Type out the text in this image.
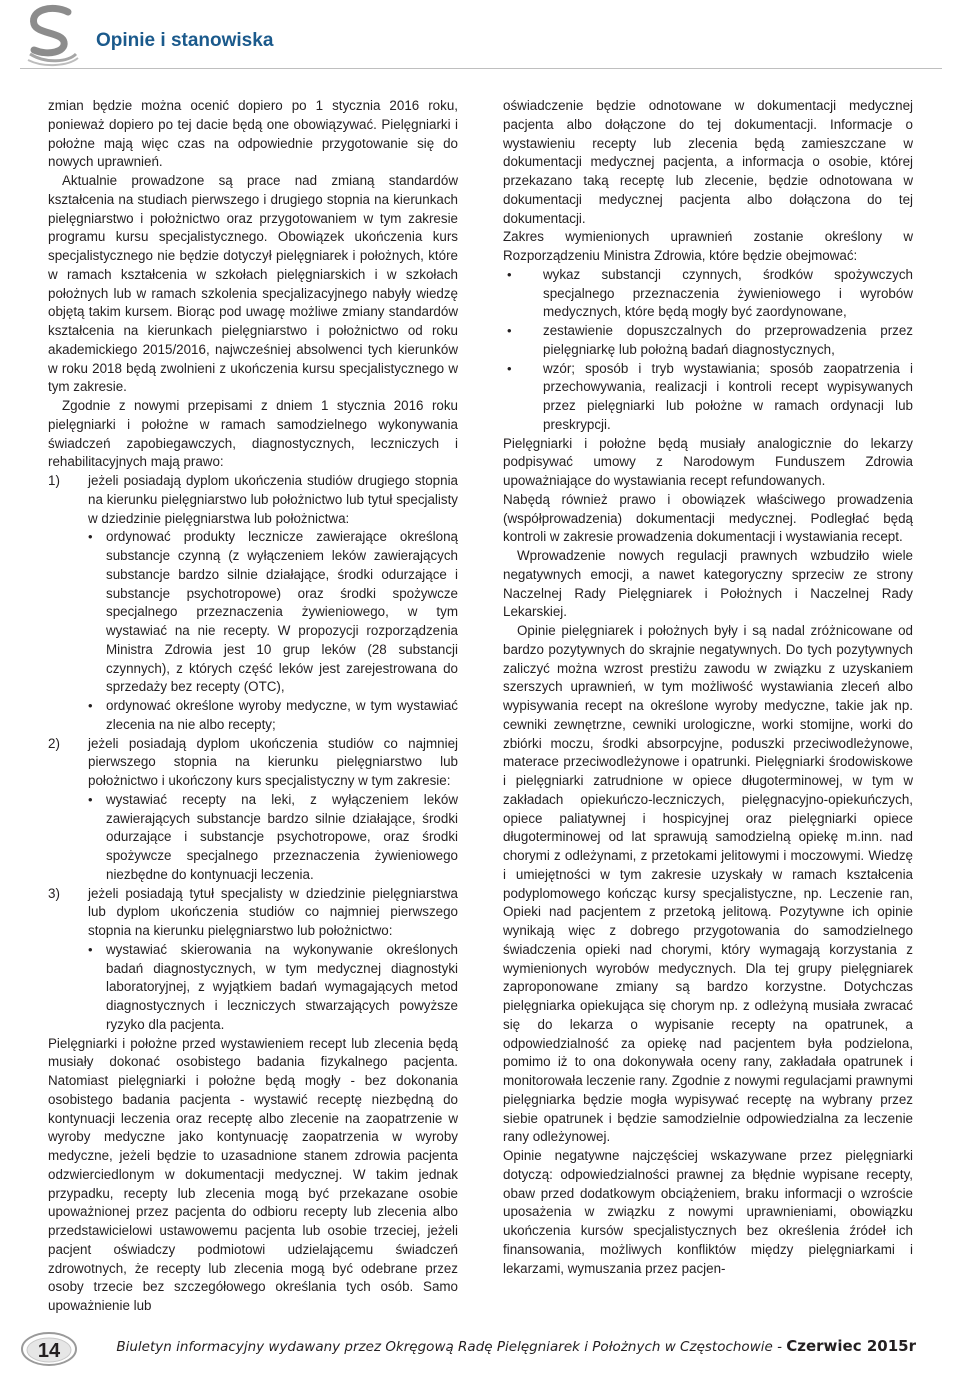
Opinie i stanowiska

zmian będzie można ocenić dopiero po 1 stycznia 2016 roku, ponieważ dopiero po tej dacie będą one obowiązywać. Pielęgniarki i położne mają więc czas na odpowiednie przygotowanie się do nowych uprawnień.

Aktualnie prowadzone są prace nad zmianą standardów kształcenia na studiach pierwszego i drugiego stopnia na kierunkach pielęgniarstwo i położnictwo oraz przygotowaniem w tym zakresie programu kursu specjalistycznego. Obowiązek ukończenia kurs specjalistycznego nie będzie dotyczył pielęgniarek i położnych, które w ramach kształcenia w szkołach pielęgniarskich i w szkołach położnych lub w ramach szkolenia specjalizacyjnego nabyły wiedzę objętą takim kursem. Biorąc pod uwagę możliwe zmiany standardów kształcenia na kierunkach pielęgniarstwo i położnictwo od roku akademickiego 2015/2016, najwcześniej absolwenci tych kierunków w roku 2018 będą zwolnieni z ukończenia kursu specjalistycznego w tym zakresie.

Zgodnie z nowymi przepisami z dniem 1 stycznia 2016 roku pielęgniarki i położne w ramach samodzielnego wykonywania świadczeń zapobiegawczych, diagnostycznych, leczniczych i rehabilitacyjnych mają prawo:

1) jeżeli posiadają dyplom ukończenia studiów drugiego stopnia na kierunku pielęgniarstwo lub położnictwo lub tytuł specjalisty w dziedzinie pielęgniarstwa lub położnictwa:
• ordynować produkty lecznicze zawierające określoną substancje czynną (z wyłączeniem leków zawierających substancje bardzo silnie działające, środki odurzające i substancje psychotropowe) oraz środki spożywcze specjalnego przeznaczenia żywieniowego, w tym wystawiać na nie recepty. W propozycji rozporządzenia Ministra Zdrowia jest 10 grup leków (28 substancji czynnych), z których część leków jest zarejestrowana do sprzedaży bez recepty (OTC),
• ordynować określone wyroby medyczne, w tym wystawiać zlecenia na nie albo recepty;
2) jeżeli posiadają dyplom ukończenia studiów co najmniej pierwszego stopnia na kierunku pielęgniarstwo lub położnictwo i ukończony kurs specjalistyczny w tym zakresie:
• wystawiać recepty na leki, z wyłączeniem leków zawierających substancje bardzo silnie działające, środki odurzające i substancje psychotropowe, oraz środki spożywcze specjalnego przeznaczenia żywieniowego niezbędne do kontynuacji leczenia.
3) jeżeli posiadają tytuł specjalisty w dziedzinie pielęgniarstwa lub dyplom ukończenia studiów co najmniej pierwszego stopnia na kierunku pielęgniarstwo lub położnictwo:
• wystawiać skierowania na wykonywanie określonych badań diagnostycznych, w tym medycznej diagnostyki laboratoryjnej, z wyjątkiem badań wymagających metod diagnostycznych i leczniczych stwarzających powyższe ryzyko dla pacjenta.

Pielęgniarki i położne przed wystawieniem recept lub zlecenia będą musiały dokonać osobistego badania fizykalnego pacjenta. Natomiast pielęgniarki i położne będą mogły - bez dokonania osobistego badania pacjenta - wystawić receptę niezbędną do kontynuacji leczenia oraz receptę albo zlecenie na zaopatrzenie w wyroby medyczne jako kontynuację zaopatrzenia w wyroby medyczne, jeżeli będzie to uzasadnione stanem zdrowia pacjenta odzwierciedlonym w dokumentacji medycznej. W takim jednak przypadku, recepty lub zlecenia mogą być przekazane osobie upoważnionej przez pacjenta do odbioru recepty lub zlecenia albo przedstawicielowi ustawowemu pacjenta lub osobie trzeciej, jeżeli pacjent oświadczy podmiotowi udzielającemu świadczeń zdrowotnych, że recepty lub zlecenia mogą być odebrane przez osoby trzecie bez szczegółowego określania tych osób. Samo upoważnienie lub

oświadczenie będzie odnotowane w dokumentacji medycznej pacjenta albo dołączone do tej dokumentacji. Informacje o wystawieniu recepty lub zlecenia będą zamieszczane w dokumentacji medycznej pacjenta, a informacja o osobie, której przekazano taką receptę lub zlecenie, będzie odnotowana w dokumentacji medycznej pacjenta albo dołączona do tej dokumentacji.

Zakres wymienionych uprawnień zostanie określony w Rozporządzeniu Ministra Zdrowia, które będzie obejmować:

• wykaz substancji czynnych, środków spożywczych specjalnego przeznaczenia żywieniowego i wyrobów medycznych, które będą mogły być zaordynowane,
• zestawienie dopuszczalnych do przeprowadzenia przez pielęgniarkę lub położną badań diagnostycznych,
• wzór; sposób i tryb wystawiania; sposób zaopatrzenia i przechowywania, realizacji i kontroli recept wypisywanych przez pielęgniarki lub położne w ramach ordynacji lub preskrypcji.

Pielęgniarki i położne będą musiały analogicznie do lekarzy podpisywać umowy z Narodowym Funduszem Zdrowia upoważniające do wystawiania recept refundowanych.

Nabędą również prawo i obowiązek właściwego prowadzenia (współprowadzenia) dokumentacji medycznej. Podległać będą kontroli w zakresie prowadzenia dokumentacji i wystawiania recept.

Wprowadzenie nowych regulacji prawnych wzbudziło wiele negatywnych emocji, a nawet kategoryczny sprzeciw ze strony Naczelnej Rady Pielęgniarek i Położnych i Naczelnej Rady Lekarskiej.

Opinie pielęgniarek i położnych były i są nadal zróżnicowane od bardzo pozytywnych do skrajnie negatywnych. Do tych pozytywnych zaliczyć można wzrost prestiżu zawodu w związku z uzyskaniem szerszych uprawnień, w tym możliwość wystawiania zleceń albo wypisywania recept na określone wyroby medyczne, takie jak np. cewniki zewnętrzne, cewniki urologiczne, worki stomijne, worki do zbiórki moczu, środki absorpcyjne, poduszki przeciwodleżynowe, materace przeciwodleżynowe i opatrunki. Pielęgniarki środowiskowe i pielęgniarki zatrudnione w opiece długoterminowej, w tym w zakładach opiekuńczo-leczniczych, pielęgnacyjno-opiekuńczych, opiece paliatywnej i hospicyjnej oraz pielęgniarki opiece długoterminowej od lat sprawują samodzielną opiekę m.inn. nad chorymi z odleżynami, z przetokami jelitowymi i moczowymi. Wiedzę i umiejętności w tym zakresie uzyskały w ramach kształcenia podyplomowego kończąc kursy specjalistyczne, np. Leczenie ran, Opieki nad pacjentem z przetoką jelitową. Pozytywne ich opinie wynikają więc z dobrego przygotowania do samodzielnego świadczenia opieki nad chorymi, który wymagają korzystania z wymienionych wyrobów medycznych. Dla tej grupy pielęgniarek zaproponowane zmiany są bardzo korzystne. Dotychczas pielęgniarka opiekująca się chorym np. z odleżyną musiała zwracać się do lekarza o wypisanie recepty na opatrunek, a odpowiedzialność za opiekę nad pacjentem była podzielona, pomimo iż to ona dokonywała oceny rany, zakładała opatrunek i monitorowała leczenie rany. Zgodnie z nowymi regulacjami prawnymi pielęgniarka będzie mogła wypisywać receptę na wybrany przez siebie opatrunek i będzie samodzielnie odpowiedzialna za leczenie rany odleżynowej.

Opinie negatywne najczęściej wskazywane przez pielęgniarki dotyczą: odpowiedzialności prawnej za błędnie wypisane recepty, obaw przed dodatkowym obciążeniem, braku informacji o wzroście uposażenia w związku z nowymi uprawnieniami, obowiązku ukończenia kursów specjalistycznych bez określenia źródeł ich finansowania, możliwych konfliktów między pielęgniarkami i lekarzami, wymuszania przez pacjen-

14	Biuletyn informacyjny wydawany przez Okręgową Radę Pielęgniarek i Położnych w Częstochowie - Czerwiec 2015r
